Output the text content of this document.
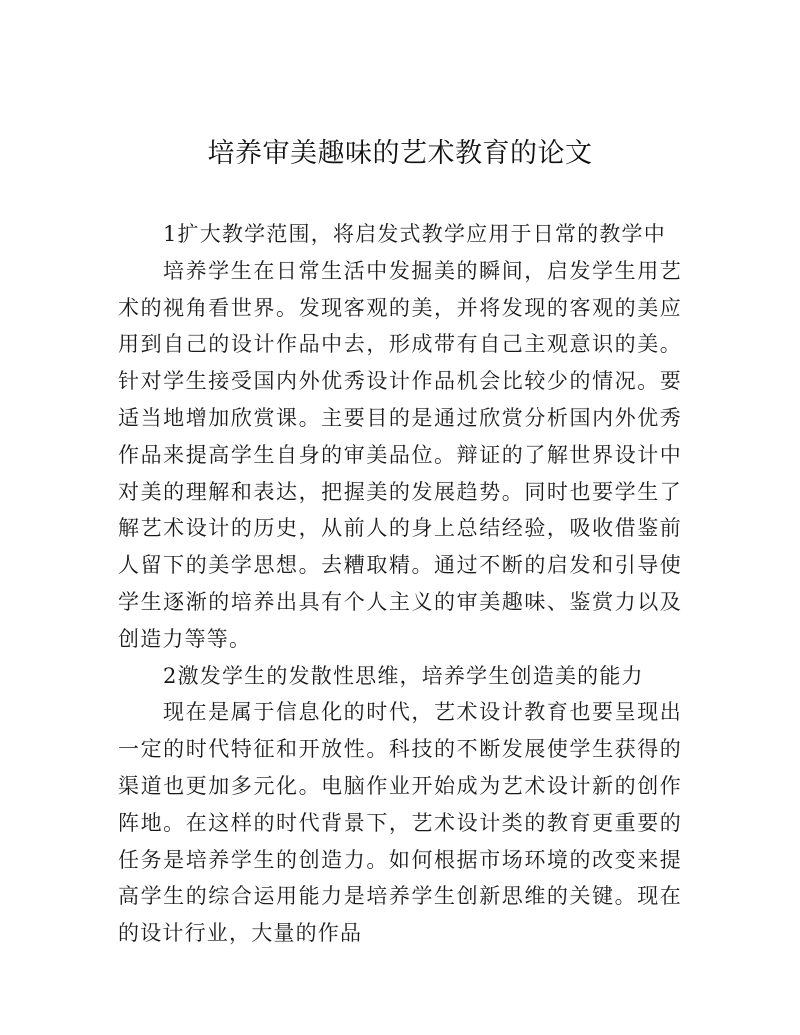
培养审美趣味的艺术教育的论文

1扩大教学范围，将启发式教学应用于日常的教学中

培养学生在日常生活中发掘美的瞬间，启发学生用艺术的视角看世界。发现客观的美，并将发现的客观的美应用到自己的设计作品中去，形成带有自己主观意识的美。针对学生接受国内外优秀设计作品机会比较少的情况。要适当地增加欣赏课。主要目的是通过欣赏分析国内外优秀作品来提高学生自身的审美品位。辩证的了解世界设计中对美的理解和表达，把握美的发展趋势。同时也要学生了解艺术设计的历史，从前人的身上总结经验，吸收借鉴前人留下的美学思想。去糟取精。通过不断的启发和引导使学生逐渐的培养出具有个人主义的审美趣味、鉴赏力以及创造力等等。

2激发学生的发散性思维，培养学生创造美的能力

现在是属于信息化的时代，艺术设计教育也要呈现出一定的时代特征和开放性。科技的不断发展使学生获得的渠道也更加多元化。电脑作业开始成为艺术设计新的创作阵地。在这样的时代背景下，艺术设计类的教育更重要的任务是培养学生的创造力。如何根据市场环境的改变来提高学生的综合运用能力是培养学生创新思维的关键。现在的设计行业，大量的作品
